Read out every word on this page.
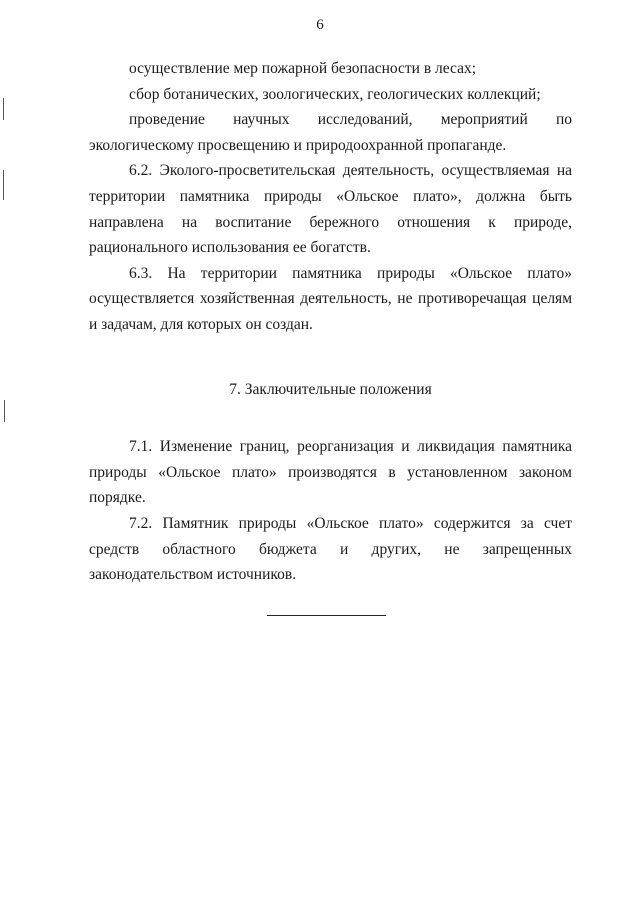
6

осуществление мер пожарной безопасности в лесах;

сбор ботанических, зоологических, геологических коллекций;

проведение научных исследований, мероприятий по экологическому просвещению и природоохранной пропаганде.

6.2. Эколого-просветительская деятельность, осуществляемая на территории памятника природы «Ольское плато», должна быть направлена на воспитание бережного отношения к природе, рационального использования ее богатств.

6.3. На территории памятника природы «Ольское плато» осуществляется хозяйственная деятельность, не противоречащая целям и задачам, для которых он создан.

7. Заключительные положения

7.1. Изменение границ, реорганизация и ликвидация памятника природы «Ольское плато» производятся в установленном законом порядке.

7.2. Памятник природы «Ольское плато» содержится за счет средств областного бюджета и других, не запрещенных законодательством источников.
